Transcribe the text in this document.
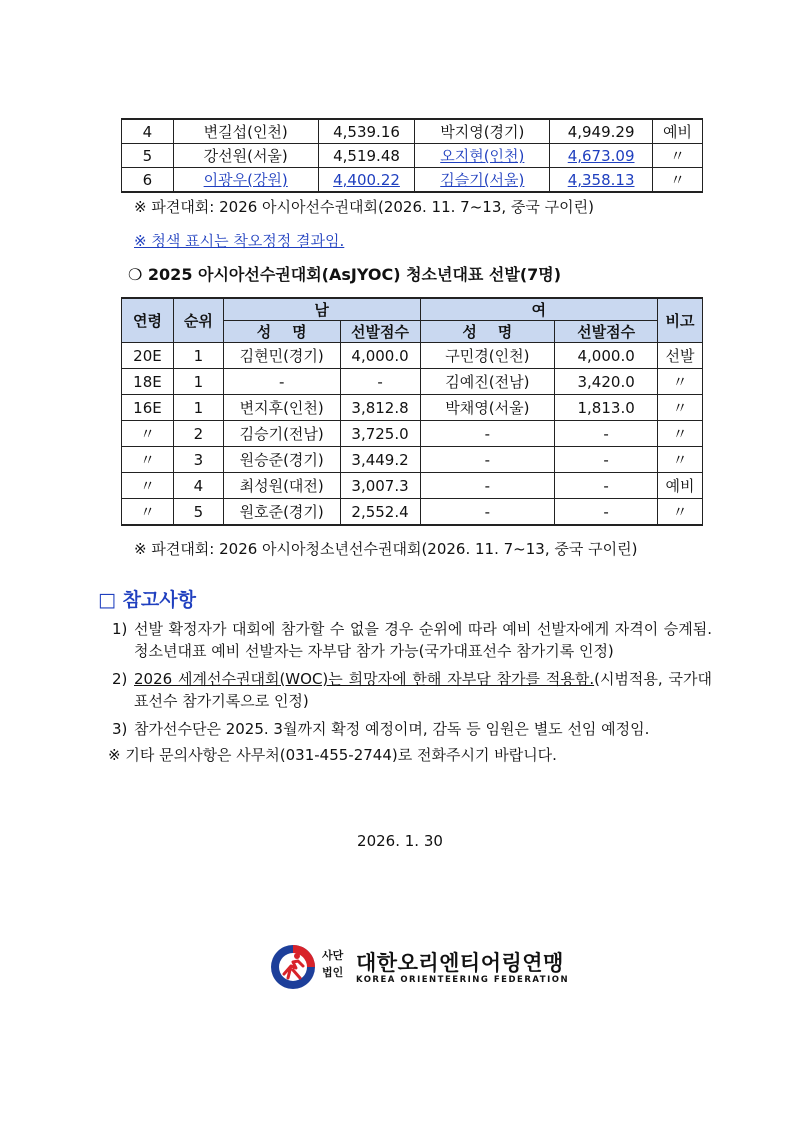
4	변길섭(인천)	4,539.16	박지영(경기)	4,949.29	예비
5	강선원(서울)	4,519.48	오지현(인천)	4,673.09	〃
6	이광우(강원)	4,400.22	김슬기(서울)	4,358.13	〃
※ 파견대회: 2026 아시아선수권대회(2026. 11. 7~13, 중국 구이린)
※ 청색 표시는 착오정정 결과임.
❍ 2025 아시아선수권대회(AsJYOC) 청소년대표 선발(7명)
연령	순위	남		여		비고
		성    명	선발점수	성    명	선발점수	
20E	1	김현민(경기)	4,000.0	구민경(인천)	4,000.0	선발
18E	1	-	-	김예진(전남)	3,420.0	〃
16E	1	변지후(인천)	3,812.8	박채영(서울)	1,813.0	〃
〃	2	김승기(전남)	3,725.0	-	-	〃
〃	3	원승준(경기)	3,449.2	-	-	〃
〃	4	최성원(대전)	3,007.3	-	-	예비
〃	5	원호준(경기)	2,552.4	-	-	〃
※ 파견대회: 2026 아시아청소년선수권대회(2026. 11. 7~13, 중국 구이린)
□ 참고사항
1) 선발 확정자가 대회에 참가할 수 없을 경우 순위에 따라 예비 선발자에게 자격이 승계됨. 청소년대표 예비 선발자는 자부담 참가 가능(국가대표선수 참가기록 인정)
2) 2026 세계선수권대회(WOC)는 희망자에 한해 자부담 참가를 적용함.(시범적용, 국가대표선수 참가기록으로 인정)
3) 참가선수단은 2025. 3월까지 확정 예정이며, 감독 등 임원은 별도 선임 예정임.
※ 기타 문의사항은 사무처(031-455-2744)로 전화주시기 바랍니다.
2026. 1. 30
사단
법인 대한오리엔티어링연맹
KOREA ORIENTEERING FEDERATION
